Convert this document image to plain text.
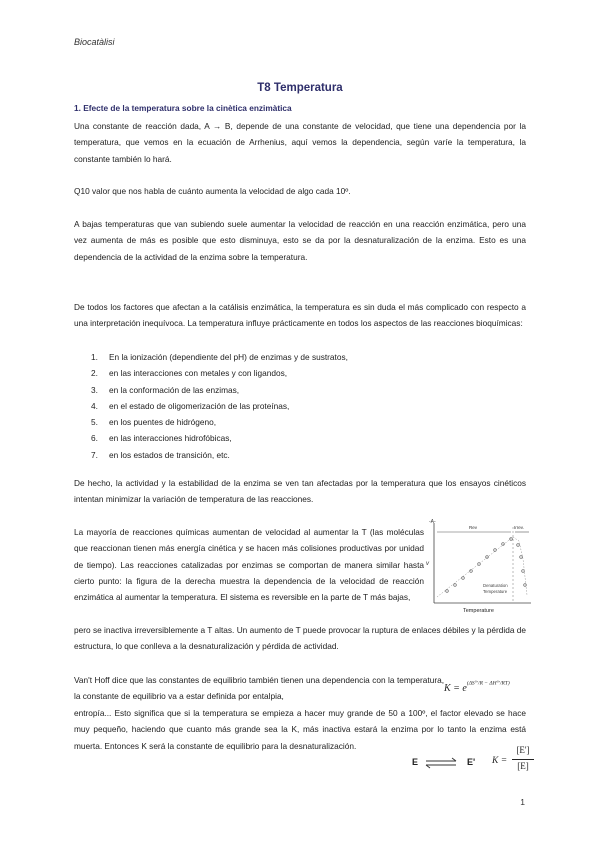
Biocatàlisi
T8 Temperatura
1. Efecte de la temperatura sobre la cinètica enzimàtica
Una constante de reacción dada, A → B, depende de una constante de velocidad, que tiene una dependencia por la temperatura, que vemos en la ecuación de Arrhenius, aquí vemos la dependencia, según varíe la temperatura, la constante también lo hará.
Q10 valor que nos habla de cuánto aumenta la velocidad de algo cada 10º.
A bajas temperaturas que van subiendo suele aumentar la velocidad de reacción en una reacción enzimática, pero una vez aumenta de más es posible que esto disminuya, esto se da por la desnaturalización de la enzima. Esto es una dependencia de la actividad de la enzima sobre la temperatura.
De todos los factores que afectan a la catálisis enzimática, la temperatura es sin duda el más complicado con respecto a una interpretación inequívoca. La temperatura influye prácticamente en todos los aspectos de las reacciones bioquímicas:
1. En la ionización (dependiente del pH) de enzimas y de sustratos,
2. en las interacciones con metales y con ligandos,
3. en la conformación de las enzimas,
4. en el estado de oligomerización de las proteínas,
5. en los puentes de hidrógeno,
6. en las interacciones hidrofóbicas,
7. en los estados de transición, etc.
De hecho, la actividad y la estabilidad de la enzima se ven tan afectadas por la temperatura que los ensayos cinéticos intentan minimizar la variación de temperatura de las reacciones.
La mayoría de reacciones químicas aumentan de velocidad al aumentar la T (las moléculas que reaccionan tienen más energía cinética y se hacen más colisiones productivas por unidad de tiempo). Las reacciones catalizadas por enzimas se comportan de manera similar hasta cierto punto: la figura de la derecha muestra la dependencia de la velocidad de reacción enzimática al aumentar la temperatura. El sistema es reversible en la parte de T más bajas,
pero se inactiva irreversiblemente a T altas. Un aumento de T puede provocar la ruptura de enlaces débiles y la pérdida de estructura, lo que conlleva a la desnaturalización y pérdida de actividad.
-A-
v
Rev	Irrev.
Denaturation
Temperature
Temperature
Van't Hoff dice que las constantes de equilibrio también tienen una dependencia con la temperatura, la constante de equilibrio va a estar definida por entalpia,
entropía... Esto significa que si la temperatura se empieza a hacer muy grande de 50 a 100º, el factor elevado se hace muy pequeño, haciendo que cuanto más grande sea la K, más inactiva estará la enzima por lo tanto la enzima está muerta. Entonces K será la constante de equilibrio para la desnaturalización.
$K = e^{(\Delta S^\circ'/R - \Delta H^\circ'/RT)}$
E ⇌ E' K =
[E']
[E]
1
